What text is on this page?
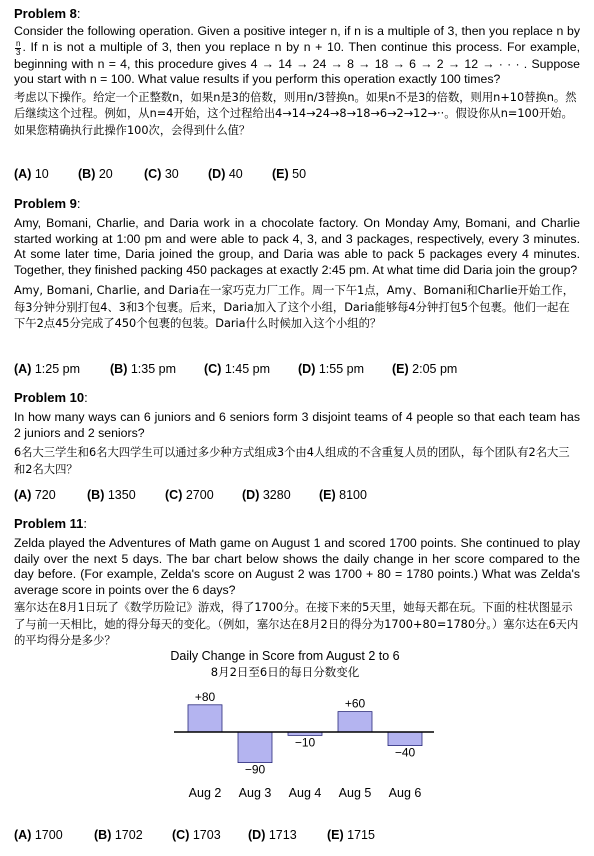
Problem 8:
Consider the following operation. Given a positive integer n, if n is a multiple of 3, then you replace n by
$\frac{n}{3}$ . If n is not a multiple of 3, then you replace n by n + 10. Then continue this process. For example, beginning with n = 4, this procedure gives 4 → 14 → 24 → 8 → 18 → 6 → 2 → 12 → · · · . Suppose you start with n = 100. What value results if you perform this operation exactly 100 times?
考虑以下操作。给定一个正整数n，如果n是3的倍数，则用n/3替换n。如果n不是3的倍数，则用n+10替换n。然后继续这个过程。例如，从n=4开始，这个过程给出4→14→24→8→18→6→2→12→··。假设你从n=100开始。如果您精确执行此操作100次，会得到什么值？
(A) 10 (B) 20	(C) 30 (D) 40 (E) 50
Problem 9:
Amy, Bomani, Charlie, and Daria work in a chocolate factory. On Monday Amy, Bomani, and Charlie started working at 1:00 pm and were able to pack 4, 3, and 3 packages, respectively, every 3 minutes. At some later time, Daria joined the group, and Daria was able to pack 5 packages every 4 minutes. Together, they finished packing 450 packages at exactly 2:45 pm. At what time did Daria join the group?
Amy, Bomani, Charlie, and Daria在一家巧克力厂工作。周一下午1点，Amy、Bomani和Charlie开始工作，每3分钟分别打包4、3和3个包裹。后来，Daria加入了这个小组，Daria能够每4分钟打包5个包裹。他们一起在下午2点45分完成了450个包裹的包装。Daria什么时候加入这个小组的？
(A) 1:25 pm (B) 1:35 pm (C) 1:45 pm (D) 1:55 pm (E) 2:05 pm
Problem 10:
In how many ways can 6 juniors and 6 seniors form 3 disjoint teams of 4 people so that each team has 2 juniors and 2 seniors?
6名大三学生和6名大四学生可以通过多少种方式组成3个由4人组成的不含重复人员的团队，每个团队有2名大三和2名大四？
(A) 720	(B) 1350 (C) 2700 (D) 3280 (E) 8100
Problem 11:
Zelda played the Adventures of Math game on August 1 and scored 1700 points. She continued to play daily over the next 5 days. The bar chart below shows the daily change in her score compared to the day before. (For example, Zelda's score on August 2 was 1700 + 80 = 1780 points.) What was Zelda's average score in points over the 6 days?
塞尔达在8月1日玩了《数学历险记》游戏，得了1700分。在接下来的5天里，她每天都在玩。下面的柱状图显示了与前一天相比，她的得分每天的变化。（例如，塞尔达在8月2日的得分为1700+80=1780分。）塞尔达在6天内的平均得分是多少？
Daily Change in Score from August 2 to 6
8月2日至6日的每日分数变化
+80
Aug 2
−90
Aug 3
−10
Aug 4
+60
Aug 5
−40
Aug 6
(A) 1700	(B) 1702 (C) 1703 (D) 1713 (E) 1715
